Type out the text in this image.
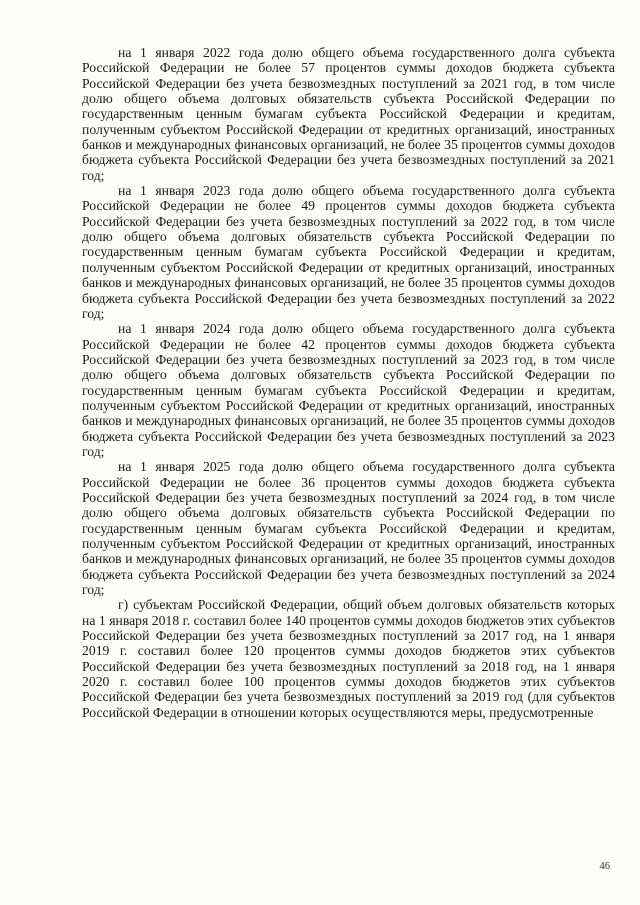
на 1 января 2022 года долю общего объема государственного долга субъекта Российской Федерации не более 57 процентов суммы доходов бюджета субъекта Российской Федерации без учета безвозмездных поступлений за 2021 год, в том числе долю общего объема долговых обязательств субъекта Российской Федерации по государственным ценным бумагам субъекта Российской Федерации и кредитам, полученным субъектом Российской Федерации от кредитных организаций, иностранных банков и международных финансовых организаций, не более 35 процентов суммы доходов бюджета субъекта Российской Федерации без учета безвозмездных поступлений за 2021 год;

на 1 января 2023 года долю общего объема государственного долга субъекта Российской Федерации не более 49 процентов суммы доходов бюджета субъекта Российской Федерации без учета безвозмездных поступлений за 2022 год, в том числе долю общего объема долговых обязательств субъекта Российской Федерации по государственным ценным бумагам субъекта Российской Федерации и кредитам, полученным субъектом Российской Федерации от кредитных организаций, иностранных банков и международных финансовых организаций, не более 35 процентов суммы доходов бюджета субъекта Российской Федерации без учета безвозмездных поступлений за 2022 год;

на 1 января 2024 года долю общего объема государственного долга субъекта Российской Федерации не более 42 процентов суммы доходов бюджета субъекта Российской Федерации без учета безвозмездных поступлений за 2023 год, в том числе долю общего объема долговых обязательств субъекта Российской Федерации по государственным ценным бумагам субъекта Российской Федерации и кредитам, полученным субъектом Российской Федерации от кредитных организаций, иностранных банков и международных финансовых организаций, не более 35 процентов суммы доходов бюджета субъекта Российской Федерации без учета безвозмездных поступлений за 2023 год;

на 1 января 2025 года долю общего объема государственного долга субъекта Российской Федерации не более 36 процентов суммы доходов бюджета субъекта Российской Федерации без учета безвозмездных поступлений за 2024 год, в том числе долю общего объема долговых обязательств субъекта Российской Федерации по государственным ценным бумагам субъекта Российской Федерации и кредитам, полученным субъектом Российской Федерации от кредитных организаций, иностранных банков и международных финансовых организаций, не более 35 процентов суммы доходов бюджета субъекта Российской Федерации без учета безвозмездных поступлений за 2024 год;

г) субъектам Российской Федерации, общий объем долговых обязательств которых на 1 января 2018 г. составил более 140 процентов суммы доходов бюджетов этих субъектов Российской Федерации без учета безвозмездных поступлений за 2017 год, на 1 января 2019 г. составил более 120 процентов суммы доходов бюджетов этих субъектов Российской Федерации без учета безвозмездных поступлений за 2018 год, на 1 января 2020 г. составил более 100 процентов суммы доходов бюджетов этих субъектов Российской Федерации без учета безвозмездных поступлений за 2019 год (для субъектов Российской Федерации в отношении которых осуществляются меры, предусмотренные

46
